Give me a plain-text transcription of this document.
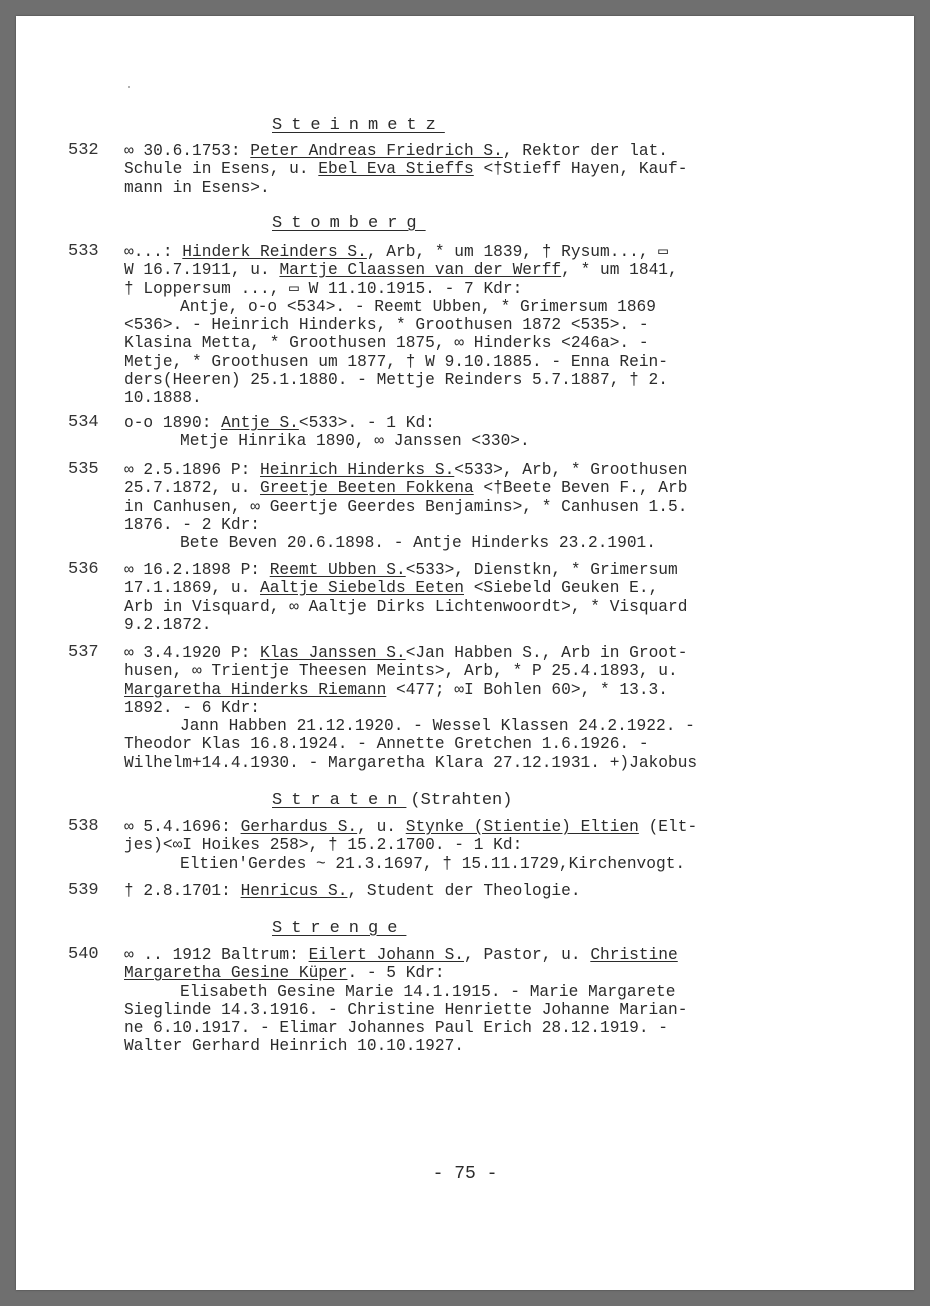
Steinmetz
532 ∞ 30.6.1753: Peter Andreas Friedrich S., Rektor der lat.
Schule in Esens, u. Ebel Eva Stieffs <†Stieff Hayen, Kauf-
mann in Esens>.
Stomberg
533 ∞...: Hinderk Reinders S., Arb, * um 1839, † Rysum..., ▭
W 16.7.1911, u. Martje Claassen van der Werff, * um 1841,
† Loppersum ..., ▭ W 11.10.1915. - 7 Kdr:
Antje, o-o <534>. - Reemt Ubben, * Grimersum 1869
<536>. - Heinrich Hinderks, * Groothusen 1872 <535>. -
Klasina Metta, * Groothusen 1875, ∞ Hinderks <246a>. -
Metje, * Groothusen um 1877, † W 9.10.1885. - Enna Rein-
ders(Heeren) 25.1.1880. - Mettje Reinders 5.7.1887, † 2.
10.1888.
534 o-o 1890: Antje S.<533>. - 1 Kd:
Metje Hinrika 1890, ∞ Janssen <330>.
535 ∞ 2.5.1896 P: Heinrich Hinderks S.<533>, Arb, * Groothusen
25.7.1872, u. Greetje Beeten Fokkena <†Beete Beven F., Arb
in Canhusen, ∞ Geertje Geerdes Benjamins>, * Canhusen 1.5.
1876. - 2 Kdr:
Bete Beven 20.6.1898. - Antje Hinderks 23.2.1901.
536 ∞ 16.2.1898 P: Reemt Ubben S.<533>, Dienstkn, * Grimersum
17.1.1869, u. Aaltje Siebelds Eeten <Siebeld Geuken E.,
Arb in Visquard, ∞ Aaltje Dirks Lichtenwoordt>, * Visquard
9.2.1872.
537 ∞ 3.4.1920 P: Klas Janssen S.<Jan Habben S., Arb in Groot-
husen, ∞ Trientje Theesen Meints>, Arb, * P 25.4.1893, u.
Margaretha Hinderks Riemann <477; ∞I Bohlen 60>, * 13.3.
1892. - 6 Kdr:
Jann Habben 21.12.1920. - Wessel Klassen 24.2.1922. -
Theodor Klas 16.8.1924. - Annette Gretchen 1.6.1926. -
Wilhelm+14.4.1930. - Margaretha Klara 27.12.1931. +)Jakobus
Straten (Strahten)
538 ∞ 5.4.1696: Gerhardus S., u. Stynke (Stientie) Eltien (Elt-
jes)<∞I Hoikes 258>, † 15.2.1700. - 1 Kd:
Eltien'Gerdes ~ 21.3.1697, † 15.11.1729,Kirchenvogt.
539 † 2.8.1701: Henricus S., Student der Theologie.
Strenge
540 ∞ .. 1912 Baltrum: Eilert Johann S., Pastor, u. Christine
Margaretha Gesine Küper. - 5 Kdr:
Elisabeth Gesine Marie 14.1.1915. - Marie Margarete
Sieglinde 14.3.1916. - Christine Henriette Johanne Marian-
ne 6.10.1917. - Elimar Johannes Paul Erich 28.12.1919. -
Walter Gerhard Heinrich 10.10.1927.
- 75 -
